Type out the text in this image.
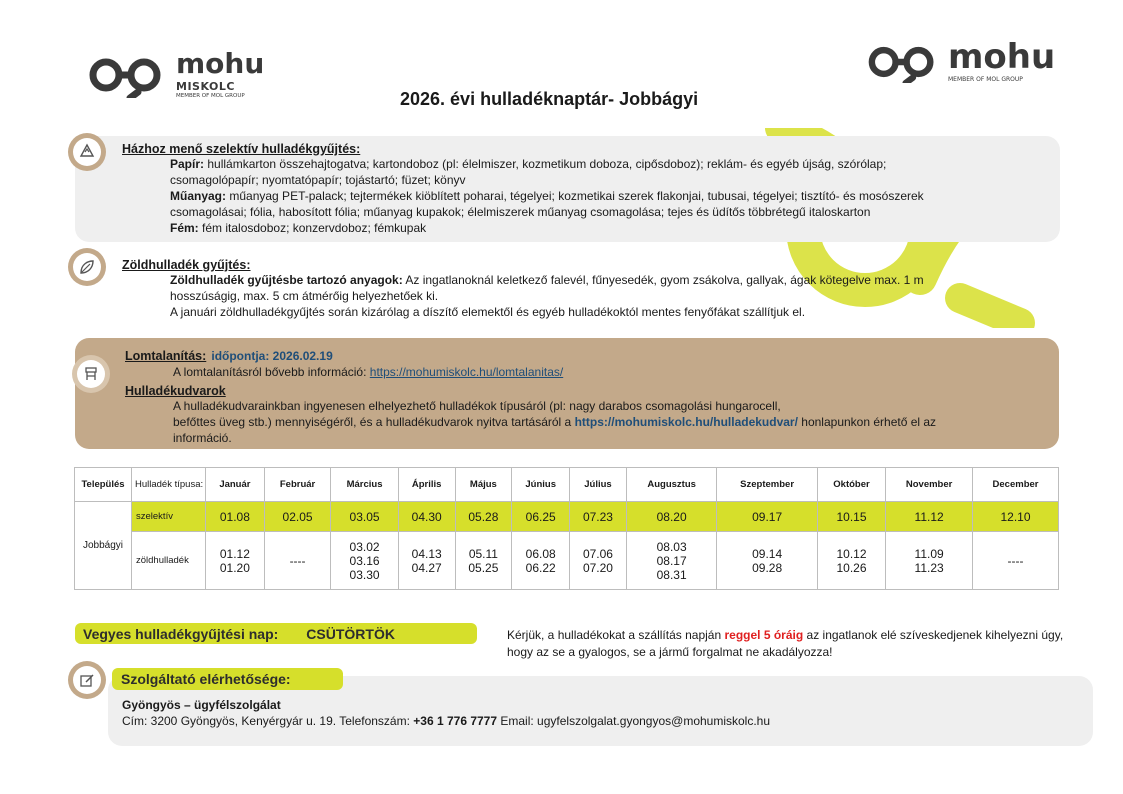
mohu
MISKOLC
MEMBER OF MOL GROUP
mohu
MEMBER OF MOL GROUP
2026. évi hulladéknaptár- Jobbágyi
Házhoz menő szelektív hulladékgyűjtés:
Papír: hullámkarton összehajtogatva; kartondoboz (pl: élelmiszer, kozmetikum doboza, cipősdoboz); reklám- és egyéb újság, szórólap;
csomagolópapír; nyomtatópapír; tojástartó; füzet; könyv
Műanyag: műanyag PET-palack; tejtermékek kiöblített poharai, tégelyei; kozmetikai szerek flakonjai, tubusai, tégelyei; tisztító- és mosószerek
csomagolásai; fólia, habosított fólia; műanyag kupakok; élelmiszerek műanyag csomagolása; tejes és üdítős többrétegű italoskarton
Fém: fém italosdoboz; konzervdoboz; fémkupak
Zöldhulladék gyűjtés:
Zöldhulladék gyűjtésbe tartozó anyagok: Az ingatlanoknál keletkező falevél, fűnyesedék, gyom zsákolva, gallyak, ágak kötegelve max. 1 m
hosszúságig, max. 5 cm átmérőig helyezhetőek ki.
A januári zöldhulladékgyűjtés során kizárólag a díszítő elemektől és egyéb hulladékoktól mentes fenyőfákat szállítjuk el.
Lomtalanítás: időpontja: 2026.02.19
A lomtalanításról bővebb információ: https://mohumiskolc.hu/lomtalanitas/
Hulladékudvarok
A hulladékudvarainkban ingyenesen elhelyezhető hulladékok típusáról (pl: nagy darabos csomagolási hungarocell,
befőttes üveg stb.) mennyiségéről, és a hulladékudvarok nyitva tartásáról a https://mohumiskolc.hu/hulladekudvar/ honlapunkon érhető el az
információ.
Település	Hulladék típusa:	Január	Február	Március	Április	Május	Június	Július	Augusztus	Szeptember	Október	November	December
Jobbágyi	szelektív	01.08	02.05	03.05	04.30	05.28	06.25	07.23	08.20	09.17	10.15	11.12	12.10
	zöldhulladék	01.12
01.20	----	03.02
03.16
03.30	04.13
04.27	05.11
05.25	06.08
06.22	07.06
07.20	08.03
08.17
08.31	09.14
09.28	10.12
10.26	11.09
11.23	----
Vegyes hulladékgyűjtési nap: CSÜTÖRTÖK	Kérjük, a hulladékokat a szállítás napján reggel 5 óráig az ingatlanok elé szíveskedjenek kihelyezni úgy, hogy az se a gyalogos, se a jármű forgalmat ne akadályozza!
Szolgáltató elérhetősége:
Gyöngyös – ügyfélszolgálat
Cím: 3200 Gyöngyös, Kenyérgyár u. 19. Telefonszám: +36 1 776 7777 Email: ugyfelszolgalat.gyongyos@mohumiskolc.hu
